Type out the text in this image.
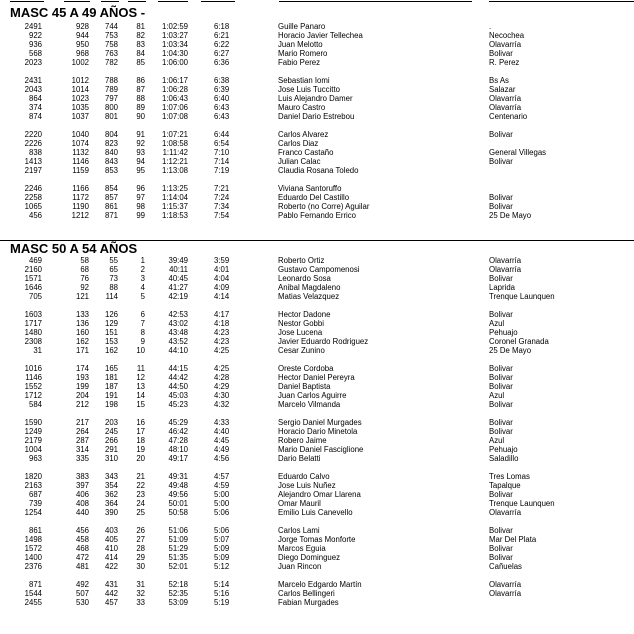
MASC 45 A 49 AÑOS -
2491	928	744	81	1:02:59	6:18	Guille Panaro	.
922	944	753	82	1:03:27	6:21	Horacio Javier Tellechea	Necochea
936	950	758	83	1:03:34	6:22	Juan Melotto	Olavarría
568	968	763	84	1:04:30	6:27	Mario Romero	Bolivar
2023	1002	782	85	1:06:00	6:36	Fabio Perez	R. Perez
2431	1012	788	86	1:06:17	6:38	Sebastian Iomi	Bs As
2043	1014	789	87	1:06:28	6:39	Jose Luis Tuccitto	Salazar
864	1023	797	88	1:06:43	6:40	Luis Alejandro Damer	Olavarría
374	1035	800	89	1:07:06	6:43	Mauro Castro	Olavarría
874	1037	801	90	1:07:08	6:43	Daniel Dario Estrebou	Centenario
2220	1040	804	91	1:07:21	6:44	Carlos Alvarez	Bolivar
2226	1074	823	92	1:08:58	6:54	Carlos Diaz
838	1132	840	93	1:11:42	7:10	Franco Castaño	General Villegas
1413	1146	843	94	1:12:21	7:14	Julian Calac	Bolivar
2197	1159	853	95	1:13:08	7:19	Claudia Rosana Toledo
2246	1166	854	96	1:13:25	7:21	Viviana Santoruffo
2258	1172	857	97	1:14:04	7:24	Eduardo Del Castillo	Bolivar
1065	1190	861	98	1:15:37	7:34	Roberto (no Corre) Aguilar	Bolivar
456	1212	871	99	1:18:53	7:54	Pablo Fernando Errico	25 De Mayo
MASC 50 A 54 AÑOS
469	58	55	1	39:49	3:59	Roberto Ortiz	Olavarría
2160	68	65	2	40:11	4:01	Gustavo Campomenosi	Olavarría
1571	76	73	3	40:45	4:04	Leonardo Sosa	Bolivar
1646	92	88	4	41:27	4:09	Anibal Magdaleno	Laprida
705	121	114	5	42:19	4:14	Matias Velazquez	Trenque Launquen
1603	133	126	6	42:53	4:17	Hector Dadone	Bolivar
1717	136	129	7	43:02	4:18	Nestor Gobbi	Azul
1480	160	151	8	43:48	4:23	Jose Lucena	Pehuajo
2308	162	153	9	43:52	4:23	Javier Eduardo Rodriguez	Coronel Granada
31	171	162	10	44:10	4:25	Cesar Zunino	25 De Mayo
1016	174	165	11	44:15	4:25	Oreste Cordoba	Bolivar
1146	193	181	12	44:42	4:28	Hector Daniel Pereyra	Bolivar
1552	199	187	13	44:50	4:29	Daniel Baptista	Bolivar
1712	204	191	14	45:03	4:30	Juan Carlos Aguirre	Azul
584	212	198	15	45:23	4:32	Marcelo Vilmanda	Bolivar
1590	217	203	16	45:29	4:33	Sergio Daniel Murgades	Bolivar
1249	264	245	17	46:42	4:40	Horacio Dario Minetola	Bolivar
2179	287	266	18	47:28	4:45	Robero Jaime	Azul
1004	314	291	19	48:10	4:49	Mario Daniel Fasciglione	Pehuajo
963	335	310	20	49:17	4:56	Dario Belatti	Saladillo
1820	383	343	21	49:31	4:57	Eduardo Calvo	Tres Lomas
2163	397	354	22	49:48	4:59	Jose Luis Nuñez	Tapalque
687	406	362	23	49:56	5:00	Alejandro Omar Llarena	Bolivar
739	408	364	24	50:01	5:00	Omar Mauril	Trenque Launquen
1254	440	390	25	50:58	5:06	Emilio Luis Canevello	Olavarría
861	456	403	26	51:06	5:06	Carlos Lami	Bolivar
1498	458	405	27	51:09	5:07	Jorge Tomas Monforte	Mar Del Plata
1572	468	410	28	51:29	5:09	Marcos Eguia	Bolivar
1400	472	414	29	51:35	5:09	Diego Dominguez	Bolivar
2376	481	422	30	52:01	5:12	Juan Rincon	Cañuelas
871	492	431	31	52:18	5:14	Marcelo Edgardo Martín	Olavarría
1544	507	442	32	52:35	5:16	Carlos Bellingeri	Olavarría
2455	530	457	33	53:09	5:19	Fabian Murgades
